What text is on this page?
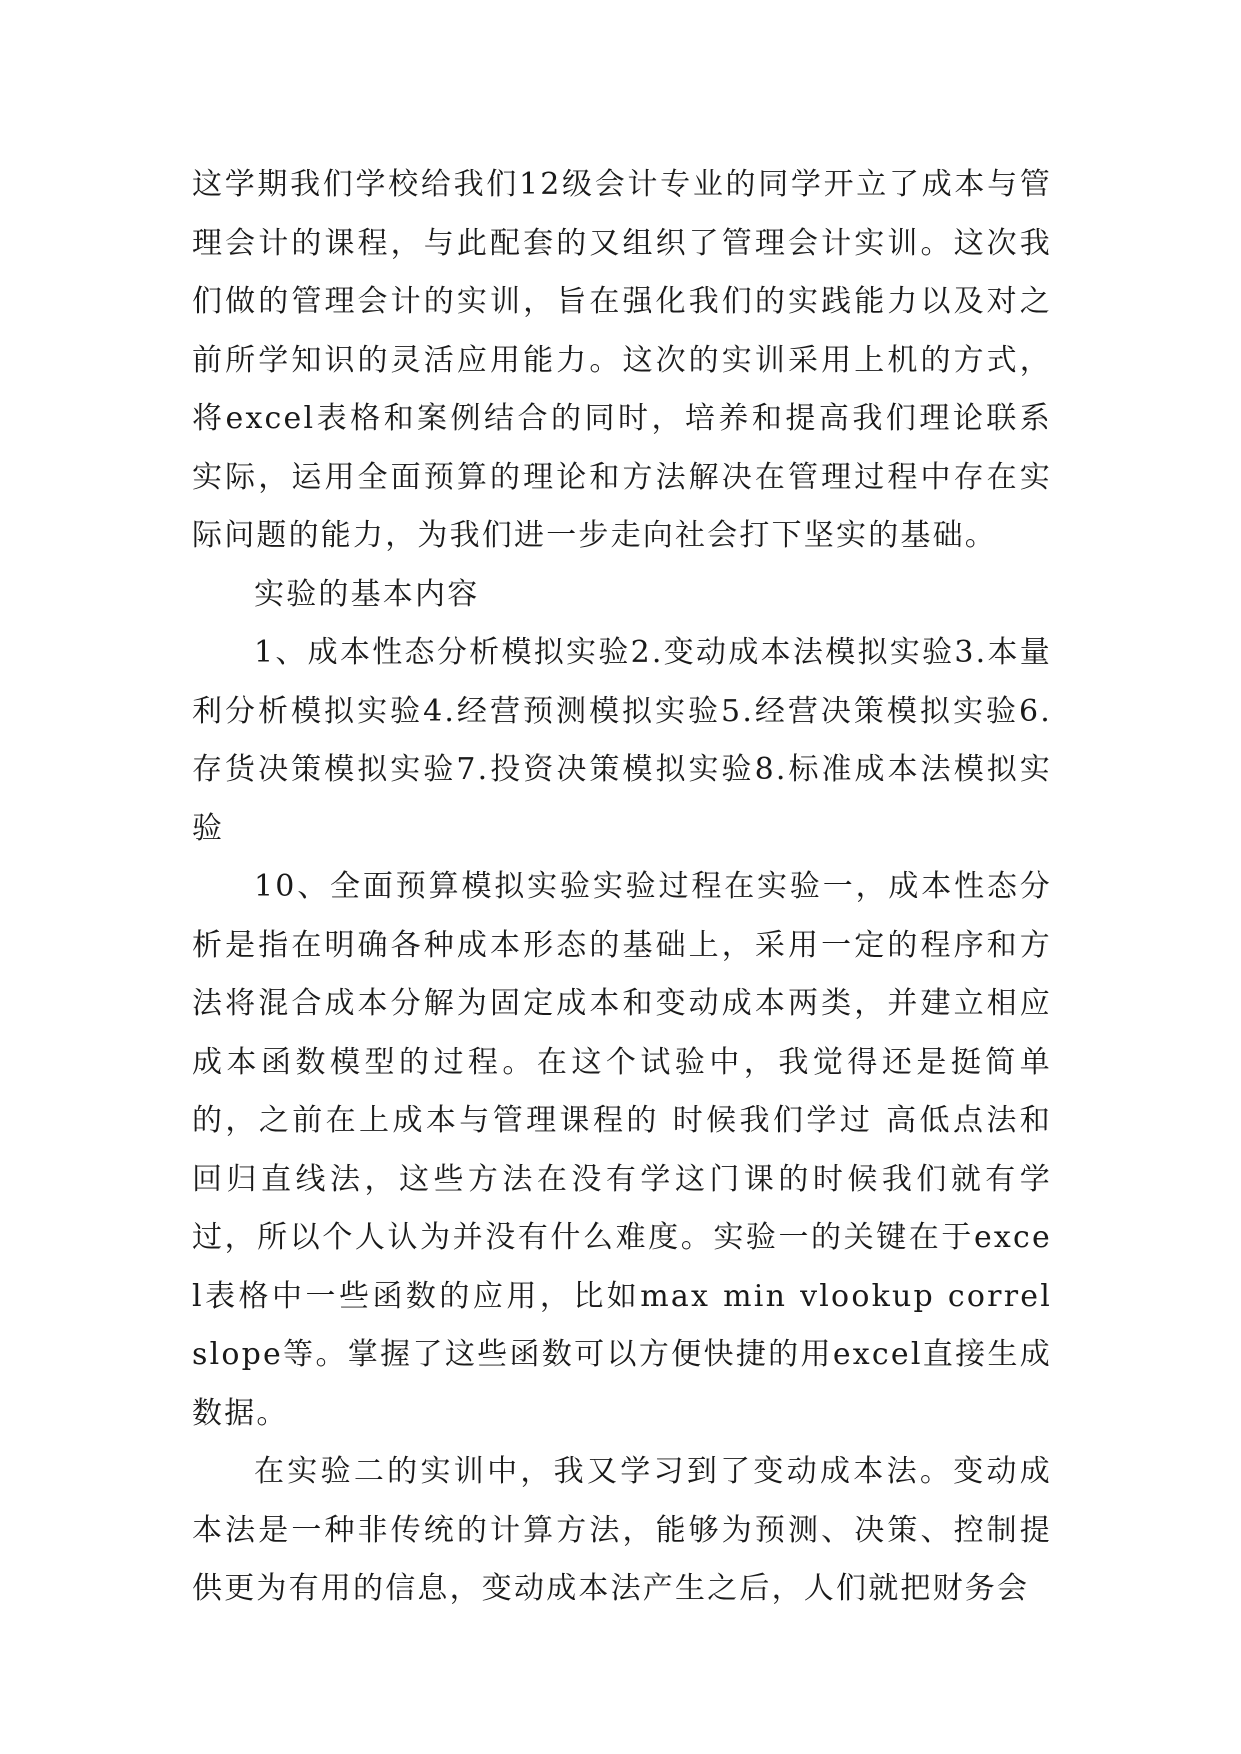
这学期我们学校给我们12级会计专业的同学开立了成本与管理会计的课程，与此配套的又组织了管理会计实训。这次我们做的管理会计的实训，旨在强化我们的实践能力以及对之前所学知识的灵活应用能力。这次的实训采用上机的方式，将excel表格和案例结合的同时，培养和提高我们理论联系实际，运用全面预算的理论和方法解决在管理过程中存在实际问题的能力，为我们进一步走向社会打下坚实的基础。

实验的基本内容

1、成本性态分析模拟实验2.变动成本法模拟实验3.本量利分析模拟实验4.经营预测模拟实验5.经营决策模拟实验6.存货决策模拟实验7.投资决策模拟实验8.标准成本法模拟实验

10、全面预算模拟实验实验过程在实验一，成本性态分析是指在明确各种成本形态的基础上，采用一定的程序和方法将混合成本分解为固定成本和变动成本两类，并建立相应成本函数模型的过程。在这个试验中，我觉得还是挺简单的，之前在上成本与管理课程的 时候我们学过 高低点法和回归直线法，这些方法在没有学这门课的时候我们就有学过，所以个人认为并没有什么难度。实验一的关键在于excel表格中一些函数的应用，比如max min vlookup correl slope等。掌握了这些函数可以方便快捷的用excel直接生成数据。

在实验二的实训中，我又学习到了变动成本法。变动成本法是一种非传统的计算方法，能够为预测、决策、控制提供更为有用的信息，变动成本法产生之后，人们就把财务会
